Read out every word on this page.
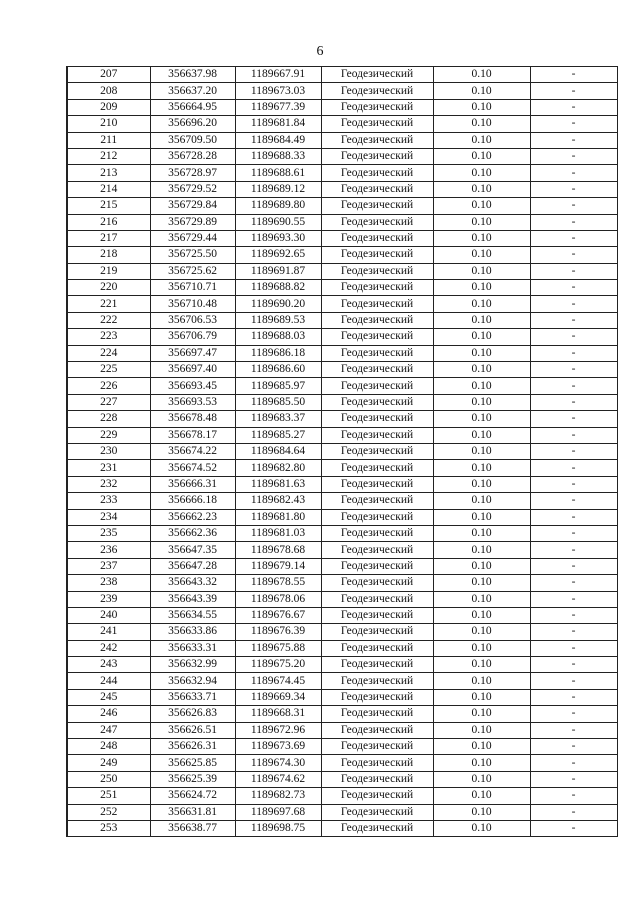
6
207	356637.98	1189667.91	Геодезический	0.10	-
208	356637.20	1189673.03	Геодезический	0.10	-
209	356664.95	1189677.39	Геодезический	0.10	-
210	356696.20	1189681.84	Геодезический	0.10	-
211	356709.50	1189684.49	Геодезический	0.10	-
212	356728.28	1189688.33	Геодезический	0.10	-
213	356728.97	1189688.61	Геодезический	0.10	-
214	356729.52	1189689.12	Геодезический	0.10	-
215	356729.84	1189689.80	Геодезический	0.10	-
216	356729.89	1189690.55	Геодезический	0.10	-
217	356729.44	1189693.30	Геодезический	0.10	-
218	356725.50	1189692.65	Геодезический	0.10	-
219	356725.62	1189691.87	Геодезический	0.10	-
220	356710.71	1189688.82	Геодезический	0.10	-
221	356710.48	1189690.20	Геодезический	0.10	-
222	356706.53	1189689.53	Геодезический	0.10	-
223	356706.79	1189688.03	Геодезический	0.10	-
224	356697.47	1189686.18	Геодезический	0.10	-
225	356697.40	1189686.60	Геодезический	0.10	-
226	356693.45	1189685.97	Геодезический	0.10	-
227	356693.53	1189685.50	Геодезический	0.10	-
228	356678.48	1189683.37	Геодезический	0.10	-
229	356678.17	1189685.27	Геодезический	0.10	-
230	356674.22	1189684.64	Геодезический	0.10	-
231	356674.52	1189682.80	Геодезический	0.10	-
232	356666.31	1189681.63	Геодезический	0.10	-
233	356666.18	1189682.43	Геодезический	0.10	-
234	356662.23	1189681.80	Геодезический	0.10	-
235	356662.36	1189681.03	Геодезический	0.10	-
236	356647.35	1189678.68	Геодезический	0.10	-
237	356647.28	1189679.14	Геодезический	0.10	-
238	356643.32	1189678.55	Геодезический	0.10	-
239	356643.39	1189678.06	Геодезический	0.10	-
240	356634.55	1189676.67	Геодезический	0.10	-
241	356633.86	1189676.39	Геодезический	0.10	-
242	356633.31	1189675.88	Геодезический	0.10	-
243	356632.99	1189675.20	Геодезический	0.10	-
244	356632.94	1189674.45	Геодезический	0.10	-
245	356633.71	1189669.34	Геодезический	0.10	-
246	356626.83	1189668.31	Геодезический	0.10	-
247	356626.51	1189672.96	Геодезический	0.10	-
248	356626.31	1189673.69	Геодезический	0.10	-
249	356625.85	1189674.30	Геодезический	0.10	-
250	356625.39	1189674.62	Геодезический	0.10	-
251	356624.72	1189682.73	Геодезический	0.10	-
252	356631.81	1189697.68	Геодезический	0.10	-
253	356638.77	1189698.75	Геодезический	0.10	-
